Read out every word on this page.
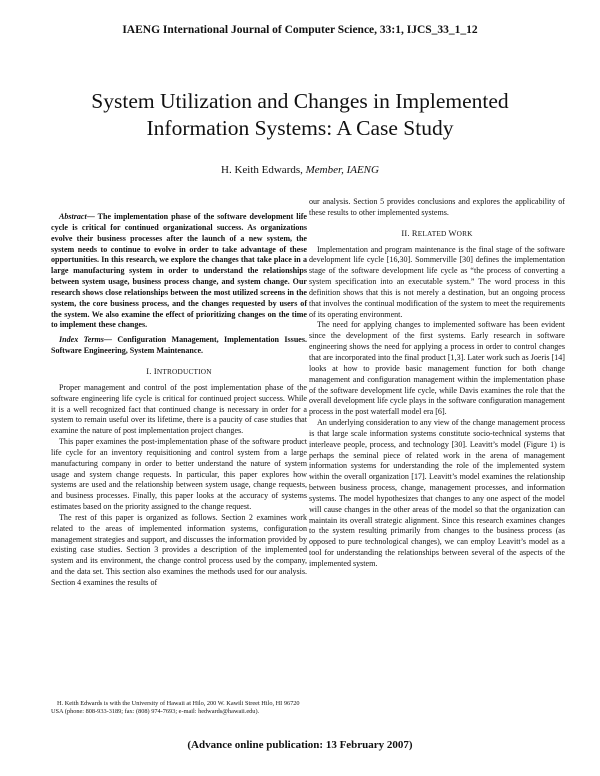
IAENG International Journal of Computer Science, 33:1, IJCS_33_1_12
System Utilization and Changes in Implemented
Information Systems: A Case Study
H. Keith Edwards, Member, IAENG

Abstract— The implementation phase of the software development life cycle is critical for continued organizational success. As organizations evolve their business processes after the launch of a new system, the system needs to continue to evolve in order to take advantage of these opportunities. In this research, we explore the changes that take place in a large manufacturing system in order to understand the relationships between system usage, business process change, and system change. Our research shows close relationships between the most utilized screens in the system, the core business process, and the changes requested by users of the system. We also examine the effect of prioritizing changes on the time to implement these changes.

Index Terms— Configuration Management, Implementation Issues. Software Engineering, System Maintenance.

I. INTRODUCTION

Proper management and control of the post implementation phase of the software engineering life cycle is critical for continued project success. While it is a well recognized fact that continued change is necessary in order for a system to remain useful over its lifetime, there is a paucity of case studies that examine the nature of post implementation project changes.

This paper examines the post-implementation phase of the software product life cycle for an inventory requisitioning and control system from a large manufacturing company in order to better understand the nature of system usage and system change requests. In particular, this paper explores how systems are used and the relationship between system usage, change requests, and business processes. Finally, this paper looks at the accuracy of systems estimates based on the priority assigned to the change request.

The rest of this paper is organized as follows. Section 2 examines work related to the areas of implemented information systems, configuration management strategies and support, and discusses the information provided by existing case studies. Section 3 provides a description of the implemented system and its environment, the change control process used by the company, and the data set. This section also examines the methods used for our analysis. Section 4 examines the results of

our analysis. Section 5 provides conclusions and explores the applicability of these results to other implemented systems.

II. RELATED WORK

Implementation and program maintenance is the final stage of the software development life cycle [16,30]. Sommerville [30] defines the implementation stage of the software development life cycle as “the process of converting a system specification into an executable system.” The word process in this definition shows that this is not merely a destination, but an ongoing process that involves the continual modification of the system to meet the requirements of its operating environment.

The need for applying changes to implemented software has been evident since the development of the first systems. Early research in software engineering shows the need for applying a process in order to control changes that are incorporated into the final product [1,3]. Later work such as Joeris [14] looks at how to provide basic management function for both change management and configuration management within the implementation phase of the software development life cycle, while Davis examines the role that the overall development life cycle plays in the software configuration management process in the post waterfall model era [6].

An underlying consideration to any view of the change management process is that large scale information systems constitute socio-technical systems that interleave people, process, and technology [30]. Leavitt’s model (Figure 1) is perhaps the seminal piece of related work in the arena of management information systems for understanding the role of the implemented system within the overall organization [17]. Leavitt’s model examines the relationship between business process, change, management processes, and information systems. The model hypothesizes that changes to any one aspect of the model will cause changes in the other areas of the model so that the organization can maintain its overall strategic alignment. Since this research examines changes to the system resulting primarily from changes to the business process (as opposed to pure technological changes), we can employ Leavitt’s model as a tool for understanding the relationships between several of the aspects of the implemented system.

H. Keith Edwards is with the University of Hawaii at Hilo, 200 W. Kawili Street Hilo, HI 96720 USA (phone: 808-933-3189; fax: (808) 974-7693; e-mail: hedwards@hawaii.edu).
(Advance online publication: 13 February 2007)
